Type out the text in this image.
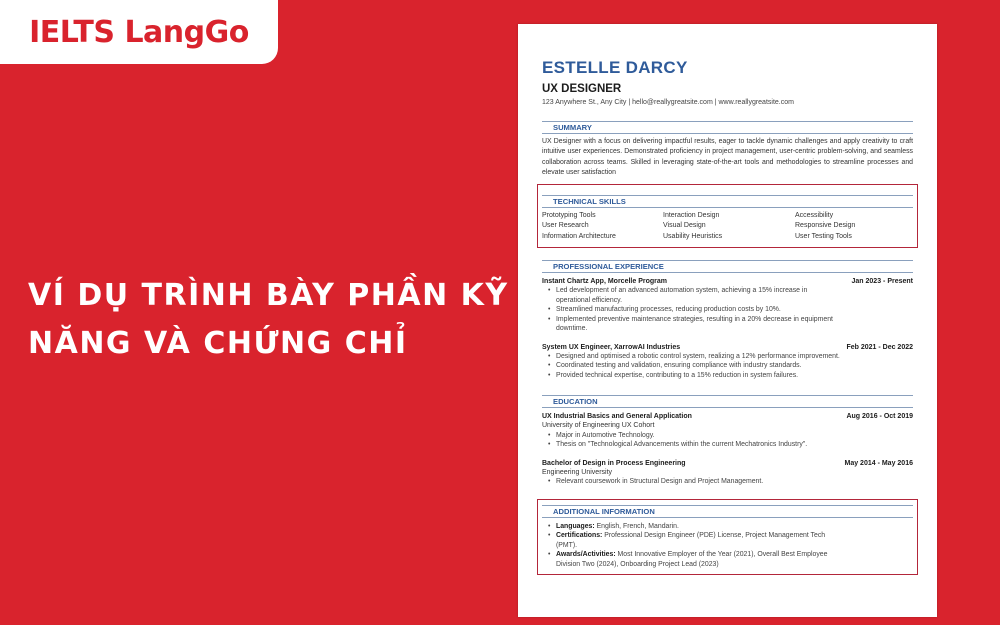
IELTS LangGo
VÍ DỤ TRÌNH BÀY PHẦN KỸ
NĂNG VÀ CHỨNG CHỈ
ESTELLE DARCY
UX DESIGNER
123 Anywhere St., Any City | hello@reallygreatsite.com | www.reallygreatsite.com
SUMMARY
UX Designer with a focus on delivering impactful results, eager to tackle dynamic challenges and apply creativity to craft intuitive user experiences. Demonstrated proficiency in project management, user-centric problem-solving, and seamless collaboration across teams. Skilled in leveraging state-of-the-art tools and methodologies to streamline processes and elevate user satisfaction
TECHNICAL SKILLS
Prototyping Tools	Interaction Design	Accessibility
User Research	Visual Design	Responsive Design
Information Architecture	Usability Heuristics	User Testing Tools
PROFESSIONAL EXPERIENCE
Instant Chartz App, Morcelle Program	Jan 2023 - Present
• Led development of an advanced automation system, achieving a 15% increase in operational efficiency.
• Streamlined manufacturing processes, reducing production costs by 10%.
• Implemented preventive maintenance strategies, resulting in a 20% decrease in equipment downtime.
System UX Engineer, XarrowAI Industries	Feb 2021 - Dec 2022
• Designed and optimised a robotic control system, realizing a 12% performance improvement.
• Coordinated testing and validation, ensuring compliance with industry standards.
• Provided technical expertise, contributing to a 15% reduction in system failures.
EDUCATION
UX Industrial Basics and General Application	Aug 2016 - Oct 2019
University of Engineering UX Cohort
• Major in Automotive Technology.
• Thesis on "Technological Advancements within the current Mechatronics Industry".
Bachelor of Design in Process Engineering	May 2014 - May 2016
Engineering University
• Relevant coursework in Structural Design and Project Management.
ADDITIONAL INFORMATION
• Languages: English, French, Mandarin.
• Certifications: Professional Design Engineer (PDE) License, Project Management Tech (PMT).
• Awards/Activities: Most Innovative Employer of the Year (2021), Overall Best Employee Division Two (2024), Onboarding Project Lead (2023)
